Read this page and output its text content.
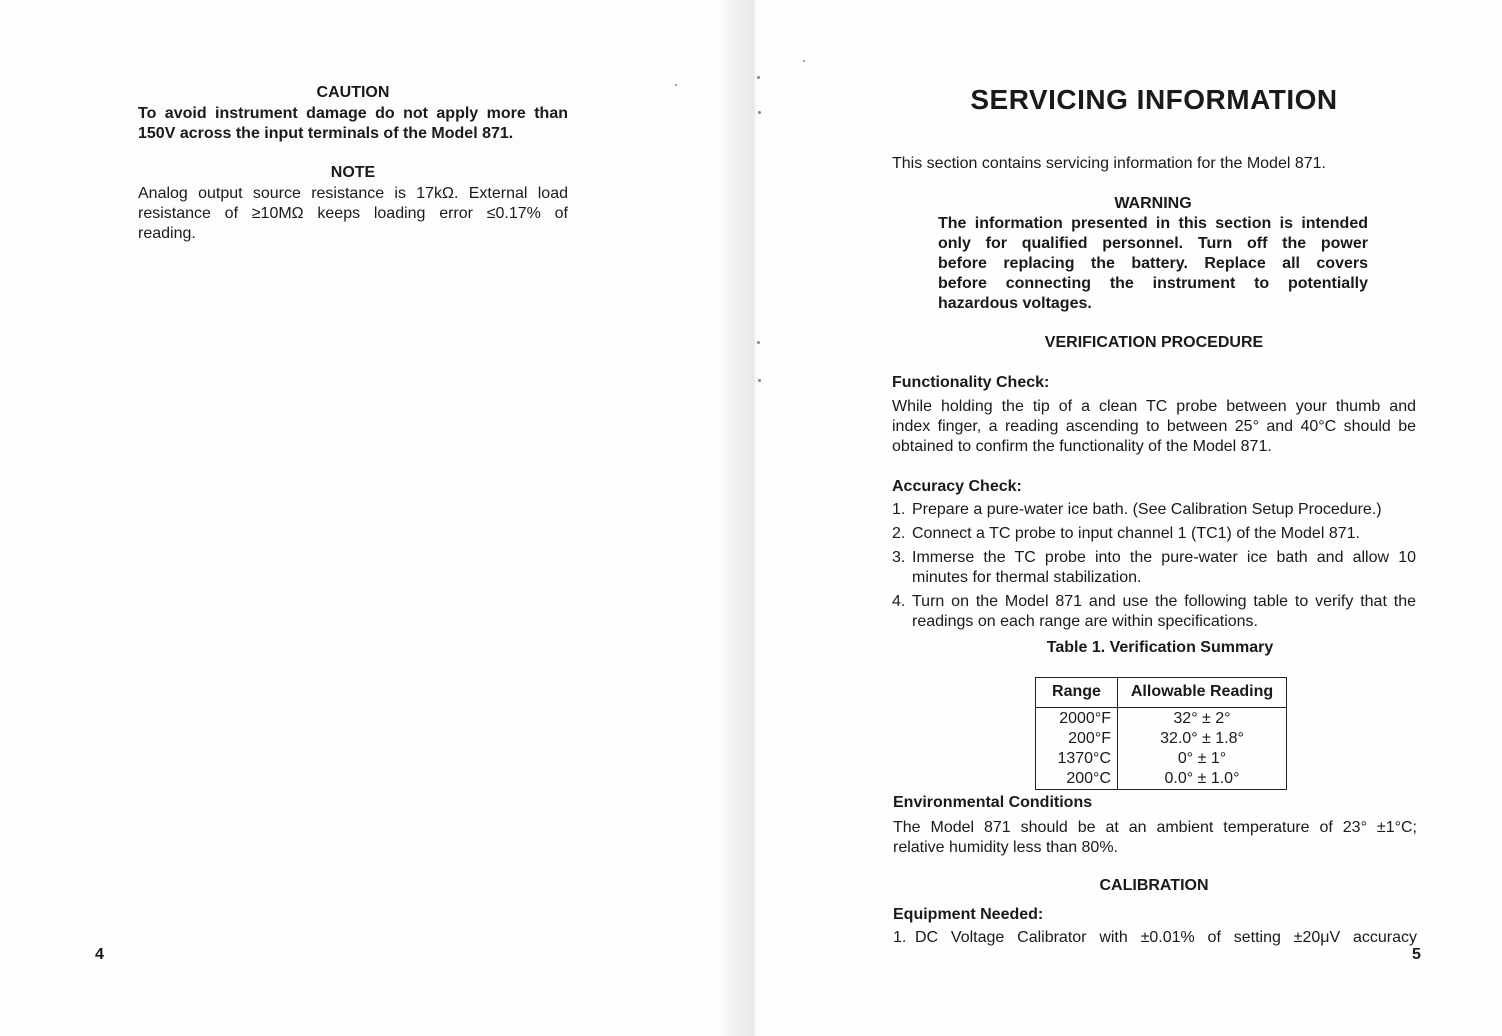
CAUTION
To avoid instrument damage do not apply more than
150V across the input terminals of the Model 871.
NOTE
Analog output source resistance is 17kΩ. External load
resistance of ≥10MΩ keeps loading error ≤0.17% of
reading.
4
SERVICING INFORMATION
This section contains servicing information for the Model 871.
WARNING
The information presented in this section is intended
only for qualified personnel. Turn off the power
before replacing the battery. Replace all covers
before connecting the instrument to potentially
hazardous voltages.
VERIFICATION PROCEDURE
Functionality Check:
While holding the tip of a clean TC probe between your thumb and
index finger, a reading ascending to between 25° and 40°C should be
obtained to confirm the functionality of the Model 871.
Accuracy Check:
1. Prepare a pure-water ice bath. (See Calibration Setup Procedure.)
2. Connect a TC probe to input channel 1 (TC1) of the Model 871.
3. Immerse the TC probe into the pure-water ice bath and allow 10
minutes for thermal stabilization.
4. Turn on the Model 871 and use the following table to verify that the
readings on each range are within specifications.
Table 1. Verification Summary
Range	Allowable Reading
2000°F	32° ± 2°
200°F	32.0° ± 1.8°
1370°C	0° ± 1°
200°C	0.0° ± 1.0°
Environmental Conditions
The Model 871 should be at an ambient temperature of 23° ±1°C;
relative humidity less than 80%.
CALIBRATION
Equipment Needed:
1. DC Voltage Calibrator with ±0.01% of setting ±20μV accuracy
5
